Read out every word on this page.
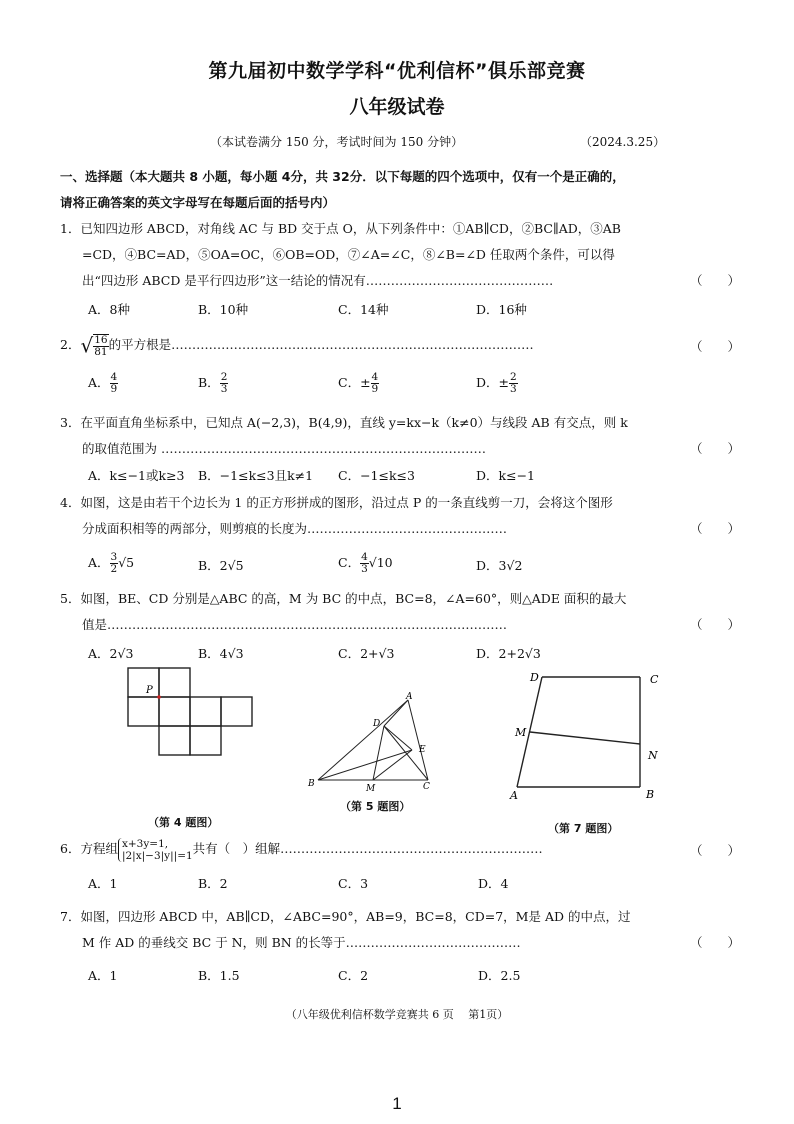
第九届初中数学学科“优利信杯”俱乐部竞赛
八年级试卷
（本试卷满分 150 分，考试时间为 150 分钟）	（2024.3.25）
一、选择题（本大题共 8 小题，每小题 4分，共 32分．以下每题的四个选项中，仅有一个是正确的，
请将正确答案的英文字母写在每题后面的括号内）
1．已知四边形 ABCD，对角线 AC 与 BD 交于点 O，从下列条件中：①AB∥CD，②BC∥AD，③AB
=CD，④BC=AD，⑤OA=OC，⑥OB=OD，⑦∠A=∠C，⑧∠B=∠D 任取两个条件，可以得
出“四边形 ABCD 是平行四边形”这一结论的情况有………………………………………	（　　）
A．8种	B．10种	C．14种	D．16种
2．√ $\frac{16}{81}$ 的平方根是……………………………………………………………………………	（　　）
A． $\frac{4}{9}$	B． $\frac{2}{3}$	C．± $\frac{4}{9}$	D．± $\frac{2}{3}$
3．在平面直角坐标系中，已知点 A(−2,3)，B(4,9)，直线 y=kx−k（k≠0）与线段 AB 有交点，则 k
的取值范围为 ……………………………………………………………………	（　　）
A．k≤−1或k≥3 B．−1≤k≤3且k≠1 C．−1≤k≤3	D．k≤−1
4．如图，这是由若干个边长为 1 的正方形拼成的图形，沿过点 P 的一条直线剪一刀，会将这个图形
分成面积相等的两部分，则剪痕的长度为…………………………………………	（　　）
A． $\frac{3}{2} √5$	B．2√5	C． $\frac{4}{3} √10$	D．3√2
5．如图，BE、CD 分别是△ABC 的高，M 为 BC 的中点，BC=8，∠A=60°，则△ADE 面积的最大
值是……………………………………………………………………………………	（　　）
A．2√3	B．4√3	C．2+√3	D．2+2√3
P
（第 4 题图）
A
B	C
D
E
M
（第 5 题图）
D	C
M
N
A	B
（第 7 题图）
6．方程组 x+3y=1,
|2|x|−3|y||=1 共有（　）组解………………………………………………………	（　　）
A．1	B．2	C．3	D．4
7．如图，四边形 ABCD 中，AB∥CD，∠ABC=90°，AB=9，BC=8，CD=7，M是 AD 的中点，过
M 作 AD 的垂线交 BC 于 N，则 BN 的长等于……………………………………	（　　）
A．1	B．1.5	C．2	D．2.5
（八年级优利信杯数学竞赛共 6 页　 第1页）
1
